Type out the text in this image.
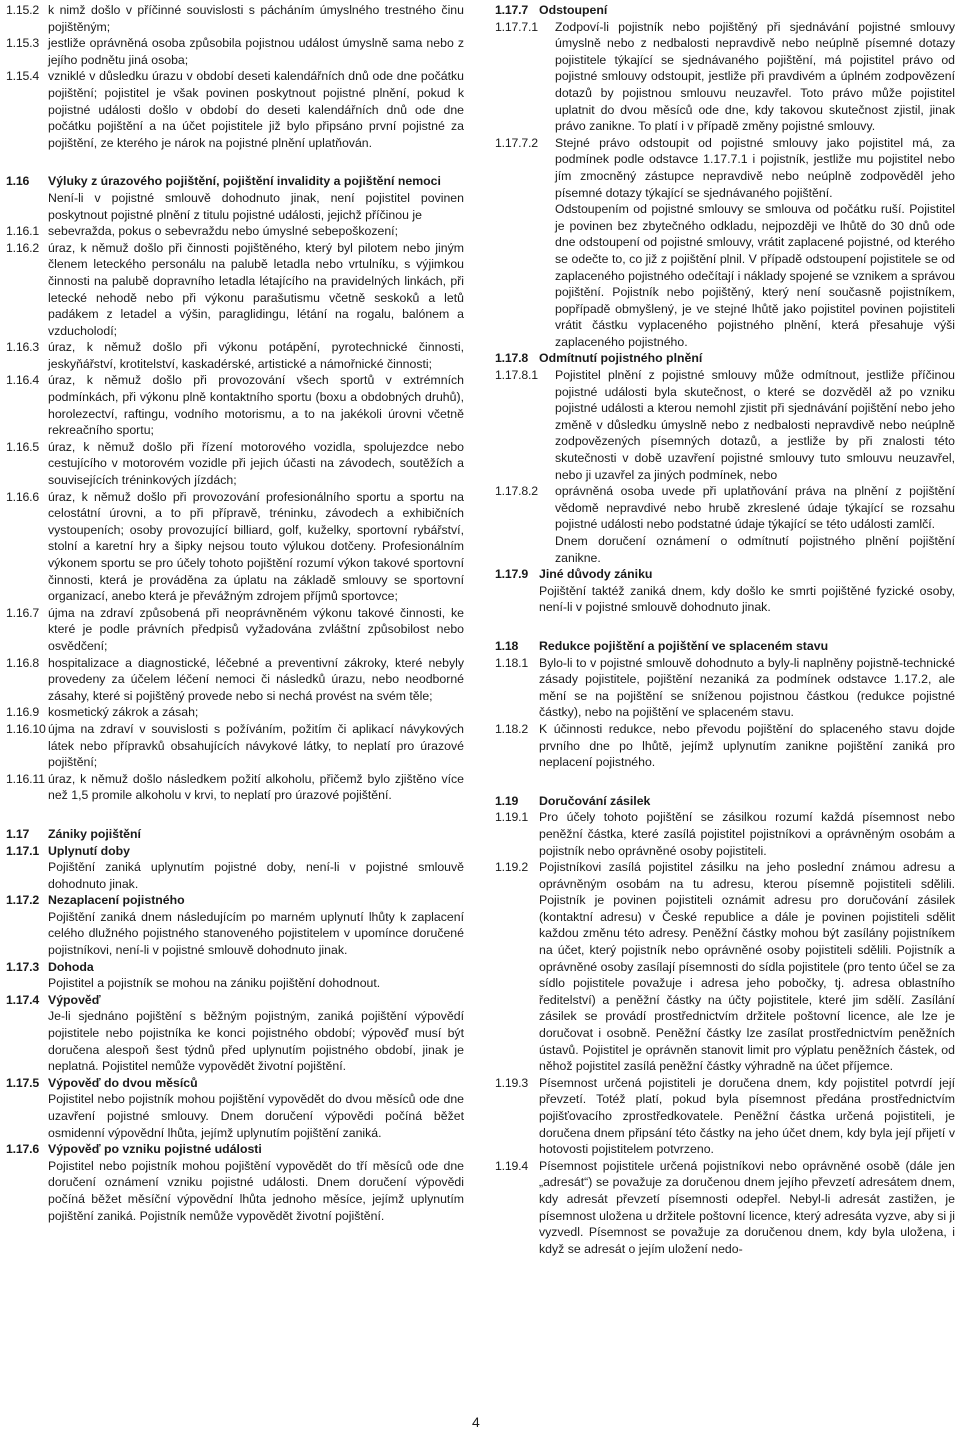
1.15.2 k nimž došlo v příčinné souvislosti s pácháním úmyslného trestného činu pojištěným;
1.15.3 jestliže oprávněná osoba způsobila pojistnou událost úmyslně sama nebo z jejího podnětu jiná osoba;
1.15.4 vzniklé v důsledku úrazu v období deseti kalendářních dnů ode dne počátku pojištění; pojistitel je však povinen poskytnout pojistné plnění, pokud k pojistné události došlo v období do deseti kalendářních dnů ode dne počátku pojištění a na účet pojistitele již bylo připsáno první pojistné za pojištění, ze kterého je nárok na pojistné plnění uplatňován.
1.16	Výluky z úrazového pojištění, pojištění invalidity a pojištění nemoci
Není-li v pojistné smlouvě dohodnuto jinak, není pojistitel povinen poskytnout pojistné plnění z titulu pojistné události, jejichž příčinou je
1.16.1 sebevražda, pokus o sebevraždu nebo úmyslné sebepoškození;
1.16.2 úraz, k němuž došlo při činnosti pojištěného, který byl pilotem nebo jiným členem leteckého personálu na palubě letadla nebo vrtulníku, s výjimkou činnosti na palubě dopravního letadla létajícího na pravidelných linkách, při letecké nehodě nebo při výkonu parašutismu včetně seskoků a letů padákem z letadel a výšin, paraglidingu, létání na rogalu, balónem a vzducholodí;
1.16.3 úraz, k němuž došlo při výkonu potápění, pyrotechnické činnosti, jeskyňářství, krotitelství, kaskadérské, artistické a námořnické činnosti;
1.16.4 úraz, k němuž došlo při provozování všech sportů v extrémních podmínkách, při výkonu plně kontaktního sportu (boxu a obdobných druhů), horolezectví, raftingu, vodního motorismu, a to na jakékoli úrovni včetně rekreačního sportu;
1.16.5 úraz, k němuž došlo při řízení motorového vozidla, spolujezdce nebo cestujícího v motorovém vozidle při jejich účasti na závodech, soutěžích a souvisejících tréninkových jízdách;
1.16.6 úraz, k němuž došlo při provozování profesionálního sportu a sportu na celostátní úrovni, a to při přípravě, tréninku, závodech a exhibičních vystoupeních; osoby provozující billiard, golf, kuželky, sportovní rybářství, stolní a karetní hry a šipky nejsou touto výlukou dotčeny. Profesionálním výkonem sportu se pro účely tohoto pojištění rozumí výkon takové sportovní činnosti, která je prováděna za úplatu na základě smlouvy se sportovní organizací, anebo která je převážným zdrojem příjmů sportovce;
1.16.7 újma na zdraví způsobená při neoprávněném výkonu takové činnosti, ke které je podle právních předpisů vyžadována zvláštní způsobilost nebo osvědčení;
1.16.8 hospitalizace a diagnostické, léčebné a preventivní zákroky, které nebyly provedeny za účelem léčení nemoci či následků úrazu, nebo neodborné zásahy, které si pojištěný provede nebo si nechá provést na svém těle;
1.16.9 kosmetický zákrok a zásah;
1.16.10 újma na zdraví v souvislosti s požíváním, požitím či aplikací návykových látek nebo přípravků obsahujících návykové látky, to neplatí pro úrazové pojištění;
1.16.11 úraz, k němuž došlo následkem požití alkoholu, přičemž bylo zjištěno více než 1,5 promile alkoholu v krvi, to neplatí pro úrazové pojištění.
1.17	Zániky pojištění
1.17.1 Uplynutí doby
Pojištění zaniká uplynutím pojistné doby, není-li v pojistné smlouvě dohodnuto jinak.
1.17.2 Nezaplacení pojistného
Pojištění zaniká dnem následujícím po marném uplynutí lhůty k zaplacení celého dlužného pojistného stanoveného pojistitelem v upomínce doručené pojistníkovi, není-li v pojistné smlouvě dohodnuto jinak.
1.17.3 Dohoda
Pojistitel a pojistník se mohou na zániku pojištění dohodnout.
1.17.4 Výpověď
Je-li sjednáno pojištění s běžným pojistným, zaniká pojištění výpovědí pojistitele nebo pojistníka ke konci pojistného období; výpověď musí být doručena alespoň šest týdnů před uplynutím pojistného období, jinak je neplatná. Pojistitel nemůže vypovědět životní pojištění.
1.17.5 Výpověď do dvou měsíců
Pojistitel nebo pojistník mohou pojištění vypovědět do dvou měsíců ode dne uzavření pojistné smlouvy. Dnem doručení výpovědi počíná běžet osmidenní výpovědní lhůta, jejímž uplynutím pojištění zaniká.
1.17.6 Výpověď po vzniku pojistné události
Pojistitel nebo pojistník mohou pojištění vypovědět do tří měsíců ode dne doručení oznámení vzniku pojistné události. Dnem doručení výpovědi počíná běžet měsíční výpovědní lhůta jednoho měsíce, jejímž uplynutím pojištění zaniká. Pojistník nemůže vypovědět životní pojištění.
1.17.7 Odstoupení
1.17.7.1	Zodpoví-li pojistník nebo pojištěný při sjednávání pojistné smlouvy úmyslně nebo z nedbalosti nepravdivě nebo neúplně písemné dotazy pojistitele týkající se sjednávaného pojištění, má pojistitel právo od pojistné smlouvy odstoupit, jestliže při pravdivém a úplném zodpovězení dotazů by pojistnou smlouvu neuzavřel. Toto právo může pojistitel uplatnit do dvou měsíců ode dne, kdy takovou skutečnost zjistil, jinak právo zanikne. To platí i v případě změny pojistné smlouvy.
1.17.7.2	Stejné právo odstoupit od pojistné smlouvy jako pojistitel má, za podmínek podle odstavce 1.17.7.1 i pojistník, jestliže mu pojistitel nebo jím zmocněný zástupce nepravdivě nebo neúplně zodpověděl jeho písemné dotazy týkající se sjednávaného pojištění.
Odstoupením od pojistné smlouvy se smlouva od počátku ruší. Pojistitel je povinen bez zbytečného odkladu, nejpozději ve lhůtě do 30 dnů ode dne odstoupení od pojistné smlouvy, vrátit zaplacené pojistné, od kterého se odečte to, co již z pojištění plnil. V případě odstoupení pojistitele se od zaplaceného pojistného odečítají i náklady spojené se vznikem a správou pojištění. Pojistník nebo pojištěný, který není současně pojistníkem, popřípadě obmyšlený, je ve stejné lhůtě jako pojistitel povinen pojistiteli vrátit částku vyplaceného pojistného plnění, která přesahuje výši zaplaceného pojistného.
1.17.8 Odmítnutí pojistného plnění
1.17.8.1	Pojistitel plnění z pojistné smlouvy může odmítnout, jestliže příčinou pojistné události byla skutečnost, o které se dozvěděl až po vzniku pojistné události a kterou nemohl zjistit při sjednávání pojištění nebo jeho změně v důsledku úmyslně nebo z nedbalosti nepravdivě nebo neúplně zodpovězených písemných dotazů, a jestliže by při znalosti této skutečnosti v době uzavření pojistné smlouvy tuto smlouvu neuzavřel, nebo ji uzavřel za jiných podmínek, nebo
1.17.8.2	oprávněná osoba uvede při uplatňování práva na plnění z pojištění vědomě nepravdivé nebo hrubě zkreslené údaje týkající se rozsahu pojistné události nebo podstatné údaje týkající se této události zamlčí.
Dnem doručení oznámení o odmítnutí pojistného plnění pojištění zanikne.
1.17.9 Jiné důvody zániku
Pojištění taktéž zaniká dnem, kdy došlo ke smrti pojištěné fyzické osoby, není-li v pojistné smlouvě dohodnuto jinak.
1.18	Redukce pojištění a pojištění ve splaceném stavu
1.18.1 Bylo-li to v pojistné smlouvě dohodnuto a byly-li naplněny pojistně-technické zásady pojistitele, pojištění nezaniká za podmínek odstavce 1.17.2, ale mění se na pojištění se sníženou pojistnou částkou (redukce pojistné částky), nebo na pojištění ve splaceném stavu.
1.18.2 K účinnosti redukce, nebo převodu pojištění do splaceného stavu dojde prvního dne po lhůtě, jejímž uplynutím zanikne pojištění zaniká pro neplacení pojistného.
1.19	Doručování zásilek
1.19.1 Pro účely tohoto pojištění se zásilkou rozumí každá písemnost nebo peněžní částka, které zasílá pojistitel pojistníkovi a oprávněným osobám a pojistník nebo oprávněné osoby pojistiteli.
1.19.2 Pojistníkovi zasílá pojistitel zásilku na jeho poslední známou adresu a oprávněným osobám na tu adresu, kterou písemně pojistiteli sdělili. Pojistník je povinen pojistiteli oznámit adresu pro doručování zásilek (kontaktní adresu) v České republice a dále je povinen pojistiteli sdělit každou změnu této adresy. Peněžní částky mohou být zasílány pojistníkem na účet, který pojistník nebo oprávněné osoby pojistiteli sdělili. Pojistník a oprávněné osoby zasílají písemnosti do sídla pojistitele (pro tento účel se za sídlo pojistitele považuje i adresa jeho pobočky, tj. adresa oblastního ředitelství) a peněžní částky na účty pojistitele, které jim sdělí. Zasílání zásilek se provádí prostřednictvím držitele poštovní licence, ale lze je doručovat i osobně. Peněžní částky lze zasílat prostřednictvím peněžních ústavů. Pojistitel je oprávněn stanovit limit pro výplatu peněžních částek, od něhož pojistitel zasílá peněžní částky výhradně na účet příjemce.
1.19.3 Písemnost určená pojistiteli je doručena dnem, kdy pojistitel potvrdí její převzetí. Totéž platí, pokud byla písemnost předána prostřednictvím pojišťovacího zprostředkovatele. Peněžní částka určená pojistiteli, je doručena dnem připsání této částky na jeho účet dnem, kdy byla její přijetí v hotovosti pojistitelem potvrzeno.
1.19.4 Písemnost pojistitele určená pojistníkovi nebo oprávněné osobě (dále jen „adresát“) se považuje za doručenou dnem jejího převzetí adresátem dnem, kdy adresát převzetí písemnosti odepřel. Nebyl-li adresát zastižen, je písemnost uložena u držitele poštovní licence, který adresáta vyzve, aby si ji vyzvedl. Písemnost se považuje za doručenou dnem, kdy byla uložena, i když se adresát o jejím uložení nedo-
4
